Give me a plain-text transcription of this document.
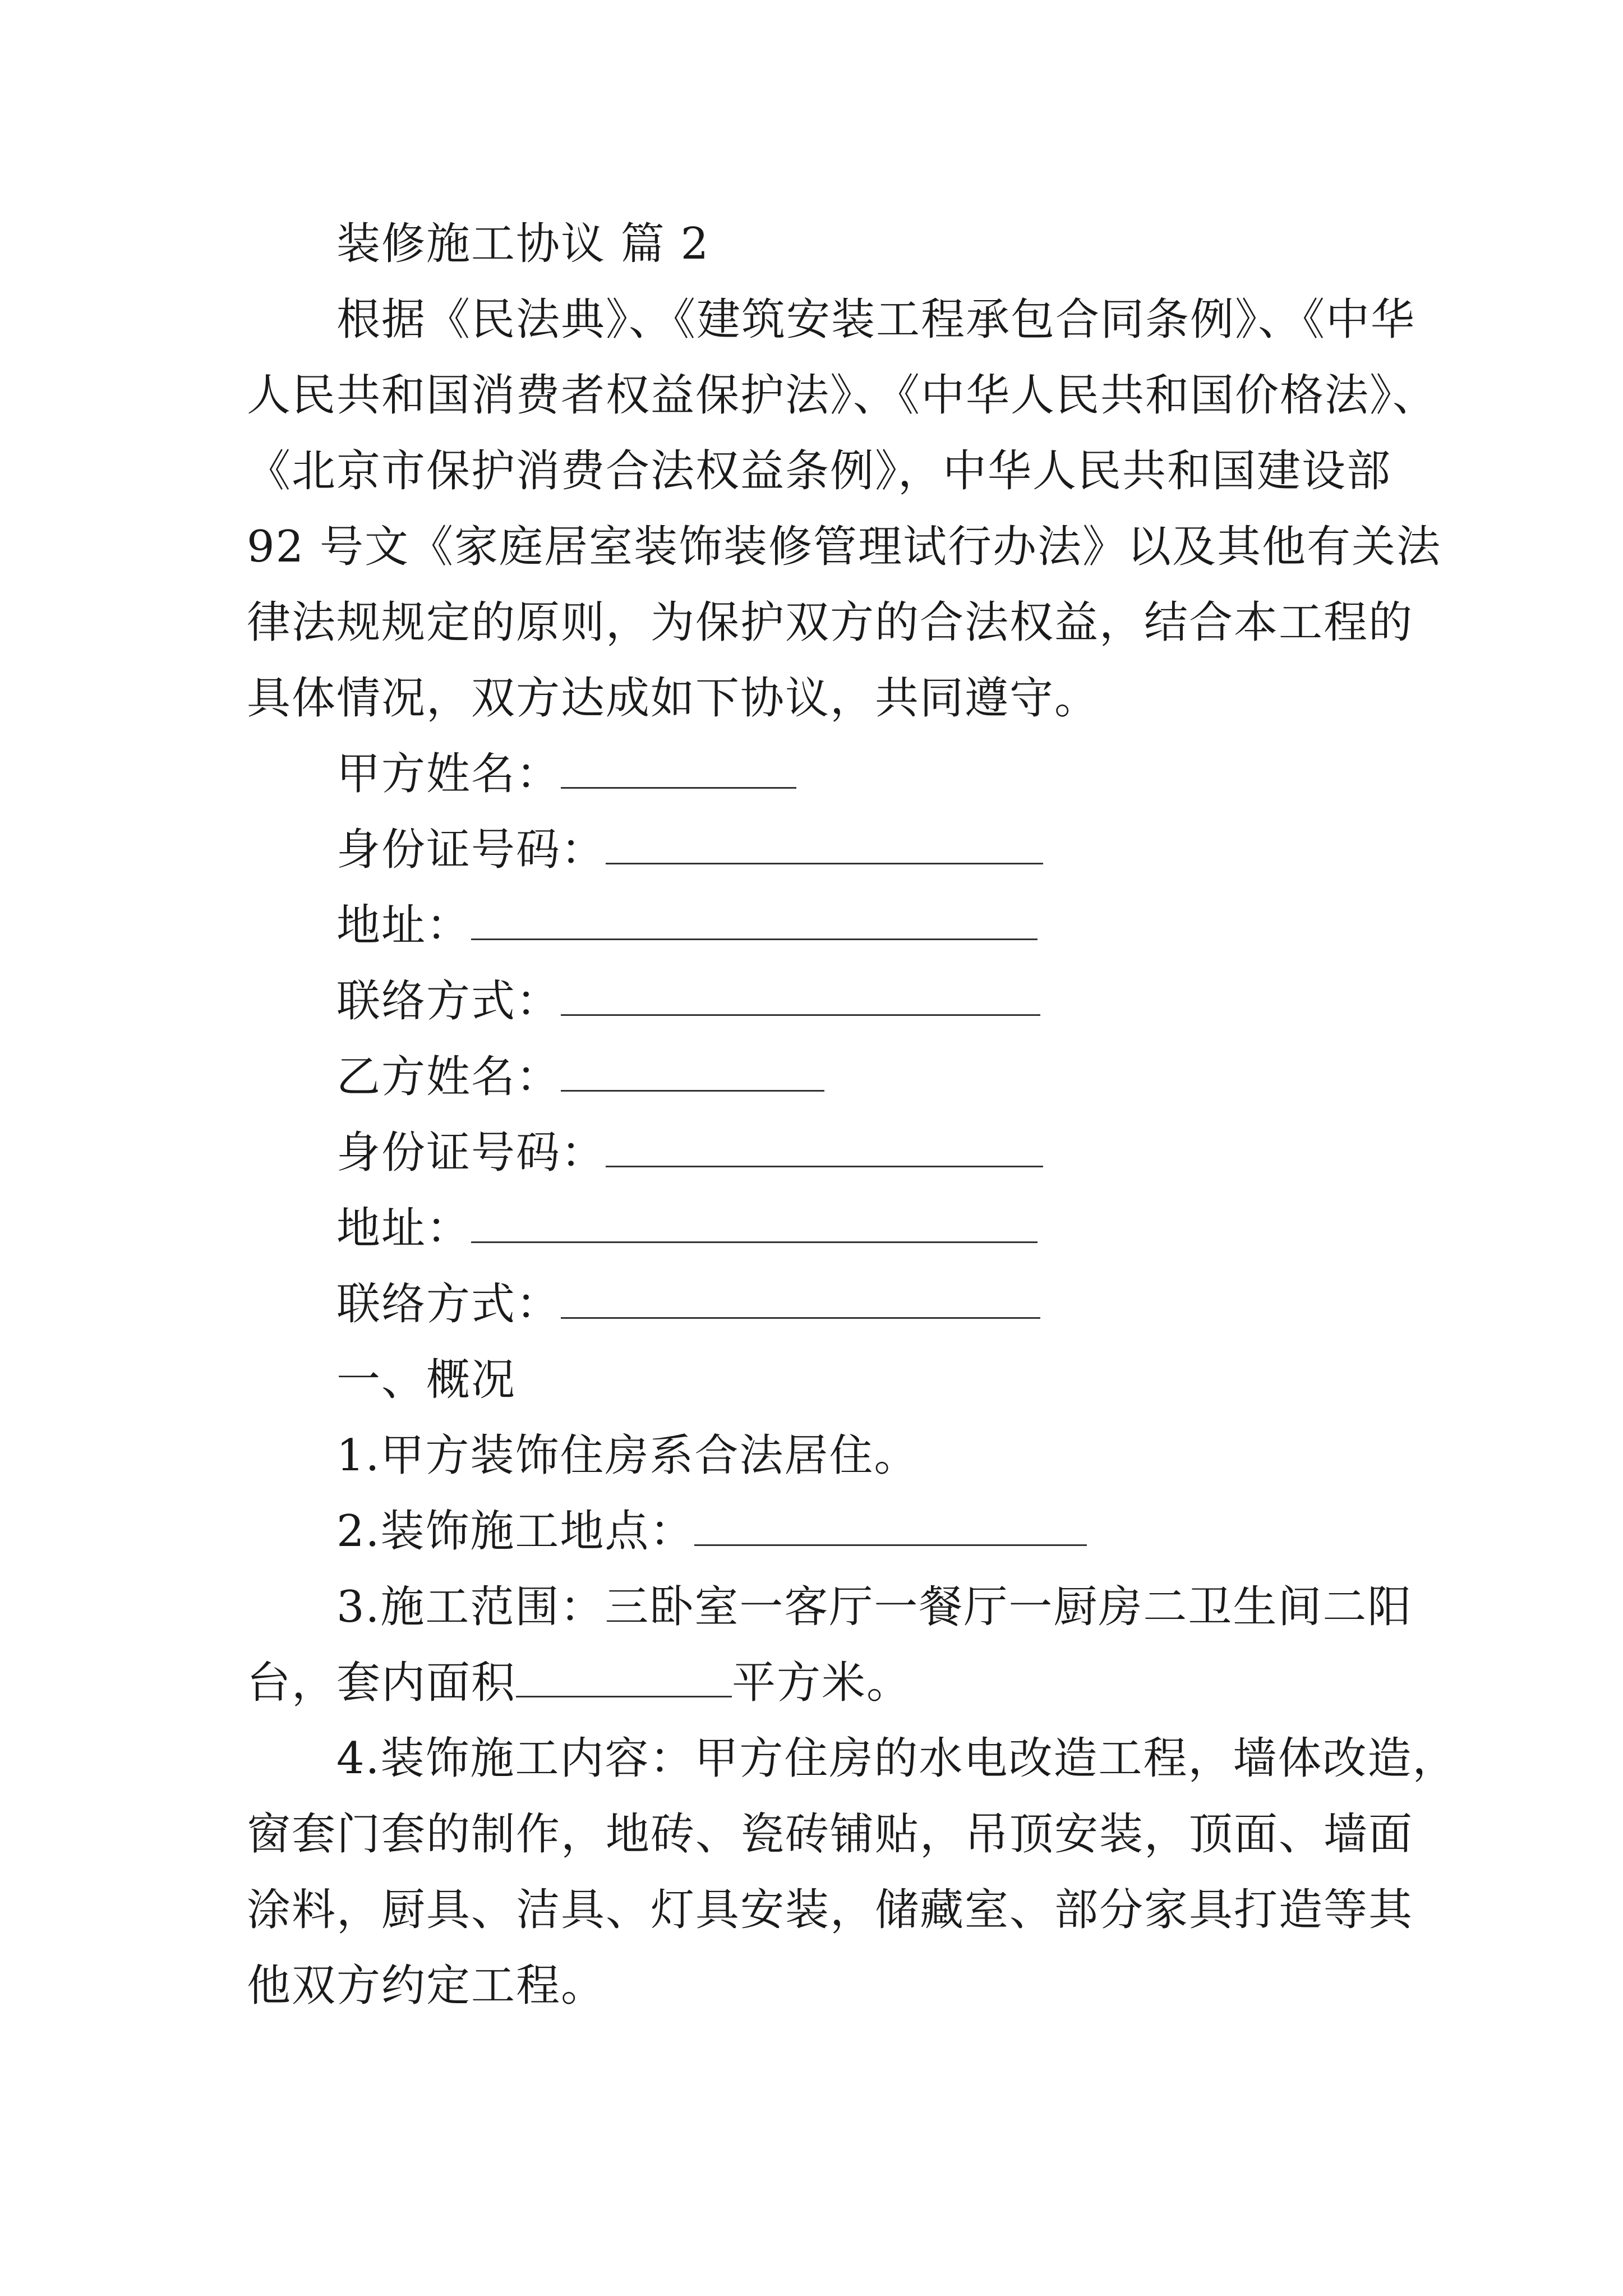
装修施工协议 篇 2
根据《民法典》、《建筑安装工程承包合同条例》、《中华
人民共和国消费者权益保护法》、《中华人民共和国价格法》、
《北京市保护消费合法权益条例》，中华人民共和国建设部
92 号文《家庭居室装饰装修管理试行办法》以及其他有关法
律法规规定的原则，为保护双方的合法权益，结合本工程的
具体情况，双方达成如下协议，共同遵守。
甲方姓名：
身份证号码：
地址：
联络方式：
乙方姓名：
身份证号码：
地址：
联络方式：
一、概况
1.甲方装饰住房系合法居住。
2.装饰施工地点：
3.施工范围：三卧室一客厅一餐厅一厨房二卫生间二阳
台，套内面积	平方米。
4.装饰施工内容：甲方住房的水电改造工程，墙体改造，
窗套门套的制作，地砖、瓷砖铺贴，吊顶安装，顶面、墙面
涂料，厨具、洁具、灯具安装，储藏室、部分家具打造等其
他双方约定工程。
